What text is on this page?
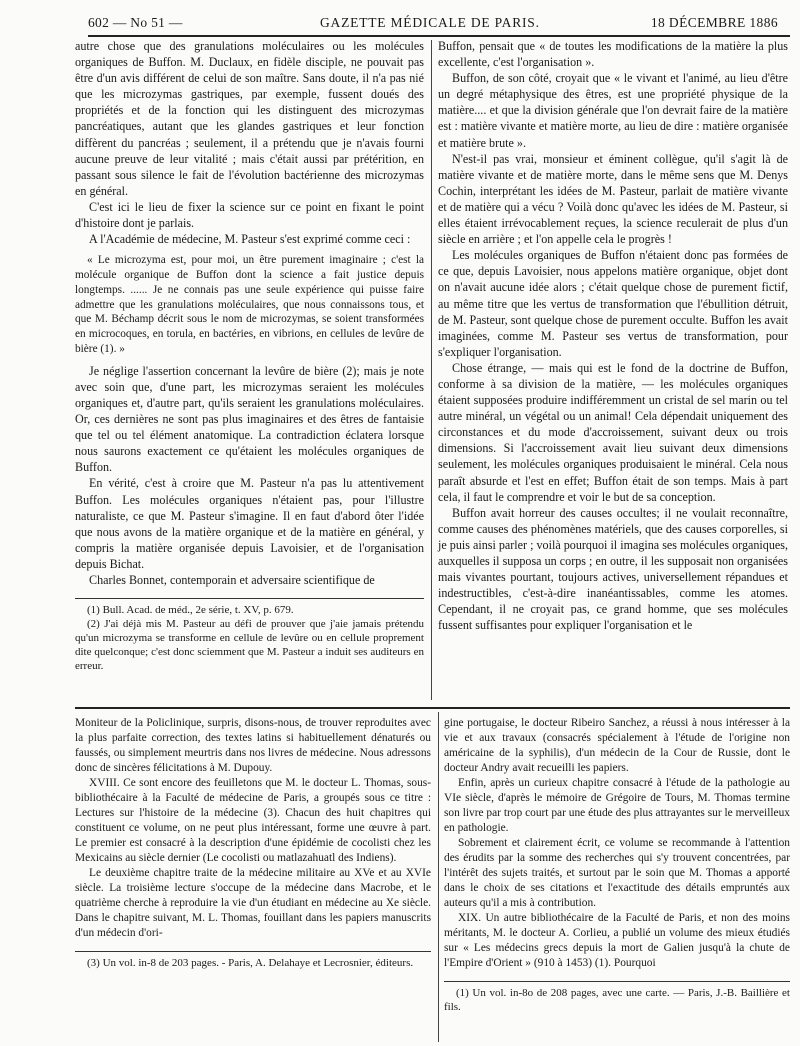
602 — No 51 —	GAZETTE MÉDICALE DE PARIS.	18 DÉCEMBRE 1886

autre chose que des granulations moléculaires ou les molécules organiques de Buffon. M. Duclaux, en fidèle disciple, ne pouvait pas être d'un avis différent de celui de son maître. Sans doute, il n'a pas nié que les microzymas gastriques, par exemple, fussent doués des propriétés et de la fonction qui les distinguent des microzymas pancréatiques, autant que les glandes gastriques et leur fonction diffèrent du pancréas ; seulement, il a prétendu que je n'avais fourni aucune preuve de leur vitalité ; mais c'était aussi par prétérition, en passant sous silence le fait de l'évolution bactérienne des microzymas en général.

C'est ici le lieu de fixer la science sur ce point en fixant le point d'histoire dont je parlais.

A l'Académie de médecine, M. Pasteur s'est exprimé comme ceci :

« Le microzyma est, pour moi, un être purement imaginaire ; c'est la molécule organique de Buffon dont la science a fait justice depuis longtemps. ...... Je ne connais pas une seule expérience qui puisse faire admettre que les granulations moléculaires, que nous connaissons tous, et que M. Béchamp décrit sous le nom de microzymas, se soient transformées en microcoques, en torula, en bactéries, en vibrions, en cellules de levûre de bière (1). »

Je néglige l'assertion concernant la levûre de bière (2); mais je note avec soin que, d'une part, les microzymas seraient les molécules organiques et, d'autre part, qu'ils seraient les granulations moléculaires. Or, ces dernières ne sont pas plus imaginaires et des êtres de fantaisie que tel ou tel élément anatomique. La contradiction éclatera lorsque nous saurons exactement ce qu'étaient les molécules organiques de Buffon.

En vérité, c'est à croire que M. Pasteur n'a pas lu attentivement Buffon. Les molécules organiques n'étaient pas, pour l'illustre naturaliste, ce que M. Pasteur s'imagine. Il en faut d'abord ôter l'idée que nous avons de la matière organique et de la matière en général, y compris la matière organisée depuis Lavoisier, et de l'organisation depuis Bichat.

Charles Bonnet, contemporain et adversaire scientifique de

(1) Bull. Acad. de méd., 2e série, t. XV, p. 679.

(2) J'ai déjà mis M. Pasteur au défi de prouver que j'aie jamais prétendu qu'un microzyma se transforme en cellule de levûre ou en cellule proprement dite quelconque; c'est donc sciemment que M. Pasteur a induit ses auditeurs en erreur.

Buffon, pensait que « de toutes les modifications de la matière la plus excellente, c'est l'organisation ».

Buffon, de son côté, croyait que « le vivant et l'animé, au lieu d'être un degré métaphysique des êtres, est une propriété physique de la matière.... et que la division générale que l'on devrait faire de la matière est : matière vivante et matière morte, au lieu de dire : matière organisée et matière brute ».

N'est-il pas vrai, monsieur et éminent collègue, qu'il s'agit là de matière vivante et de matière morte, dans le même sens que M. Denys Cochin, interprétant les idées de M. Pasteur, parlait de matière vivante et de matière qui a vécu ? Voilà donc qu'avec les idées de M. Pasteur, si elles étaient irrévocablement reçues, la science reculerait de plus d'un siècle en arrière ; et l'on appelle cela le progrès !

Les molécules organiques de Buffon n'étaient donc pas formées de ce que, depuis Lavoisier, nous appelons matière organique, objet dont on n'avait aucune idée alors ; c'était quelque chose de purement fictif, au même titre que les vertus de transformation que l'ébullition détruit, de M. Pasteur, sont quelque chose de purement occulte. Buffon les avait imaginées, comme M. Pasteur ses vertus de transformation, pour s'expliquer l'organisation.

Chose étrange, — mais qui est le fond de la doctrine de Buffon, conforme à sa division de la matière, — les molécules organiques étaient supposées produire indifféremment un cristal de sel marin ou tel autre minéral, un végétal ou un animal! Cela dépendait uniquement des circonstances et du mode d'accroissement, suivant deux ou trois dimensions. Si l'accroissement avait lieu suivant deux dimensions seulement, les molécules organiques produisaient le minéral. Cela nous paraît absurde et l'est en effet; Buffon était de son temps. Mais à part cela, il faut le comprendre et voir le but de sa conception.

Buffon avait horreur des causes occultes; il ne voulait reconnaître, comme causes des phénomènes matériels, que des causes corporelles, si je puis ainsi parler ; voilà pourquoi il imagina ses molécules organiques, auxquelles il supposa un corps ; en outre, il les supposait non organisées mais vivantes pourtant, toujours actives, universellement répandues et indestructibles, c'est-à-dire inanéantissables, comme les atomes. Cependant, il ne croyait pas, ce grand homme, que ses molécules fussent suffisantes pour expliquer l'organisation et le

Moniteur de la Policlinique, surpris, disons-nous, de trouver reproduites avec la plus parfaite correction, des textes latins si habituellement dénaturés ou faussés, ou simplement meurtris dans nos livres de médecine. Nous adressons donc de sincères félicitations à M. Dupouy.

XVIII. Ce sont encore des feuilletons que M. le docteur L. Thomas, sous-bibliothécaire à la Faculté de médecine de Paris, a groupés sous ce titre : Lectures sur l'histoire de la médecine (3). Chacun des huit chapitres qui constituent ce volume, on ne peut plus intéressant, forme une œuvre à part. Le premier est consacré à la description d'une épidémie de cocolisti chez les Mexicains au siècle dernier (Le cocolisti ou matlazahuatl des Indiens).

Le deuxième chapitre traite de la médecine militaire au XVe et au XVIe siècle. La troisième lecture s'occupe de la médecine dans Macrobe, et le quatrième cherche à reproduire la vie d'un étudiant en médecine au Xe siècle. Dans le chapitre suivant, M. L. Thomas, fouillant dans les papiers manuscrits d'un médecin d'ori-

(3) Un vol. in-8 de 203 pages. - Paris, A. Delahaye et Lecrosnier, éditeurs.

gine portugaise, le docteur Ribeiro Sanchez, a réussi à nous intéresser à la vie et aux travaux (consacrés spécialement à l'étude de l'origine non américaine de la syphilis), d'un médecin de la Cour de Russie, dont le docteur Andry avait recueilli les papiers.

Enfin, après un curieux chapitre consacré à l'étude de la pathologie au VIe siècle, d'après le mémoire de Grégoire de Tours, M. Thomas termine son livre par trop court par une étude des plus attrayantes sur le merveilleux en pathologie.

Sobrement et clairement écrit, ce volume se recommande à l'attention des érudits par la somme des recherches qui s'y trouvent concentrées, par l'intérêt des sujets traités, et surtout par le soin que M. Thomas a apporté dans le choix de ses citations et l'exactitude des détails empruntés aux auteurs qu'il a mis à contribution.

XIX. Un autre bibliothécaire de la Faculté de Paris, et non des moins méritants, M. le docteur A. Corlieu, a publié un volume des mieux étudiés sur « Les médecins grecs depuis la mort de Galien jusqu'à la chute de l'Empire d'Orient » (910 à 1453) (1). Pourquoi

(1) Un vol. in-8o de 208 pages, avec une carte. — Paris, J.-B. Baillière et fils.
